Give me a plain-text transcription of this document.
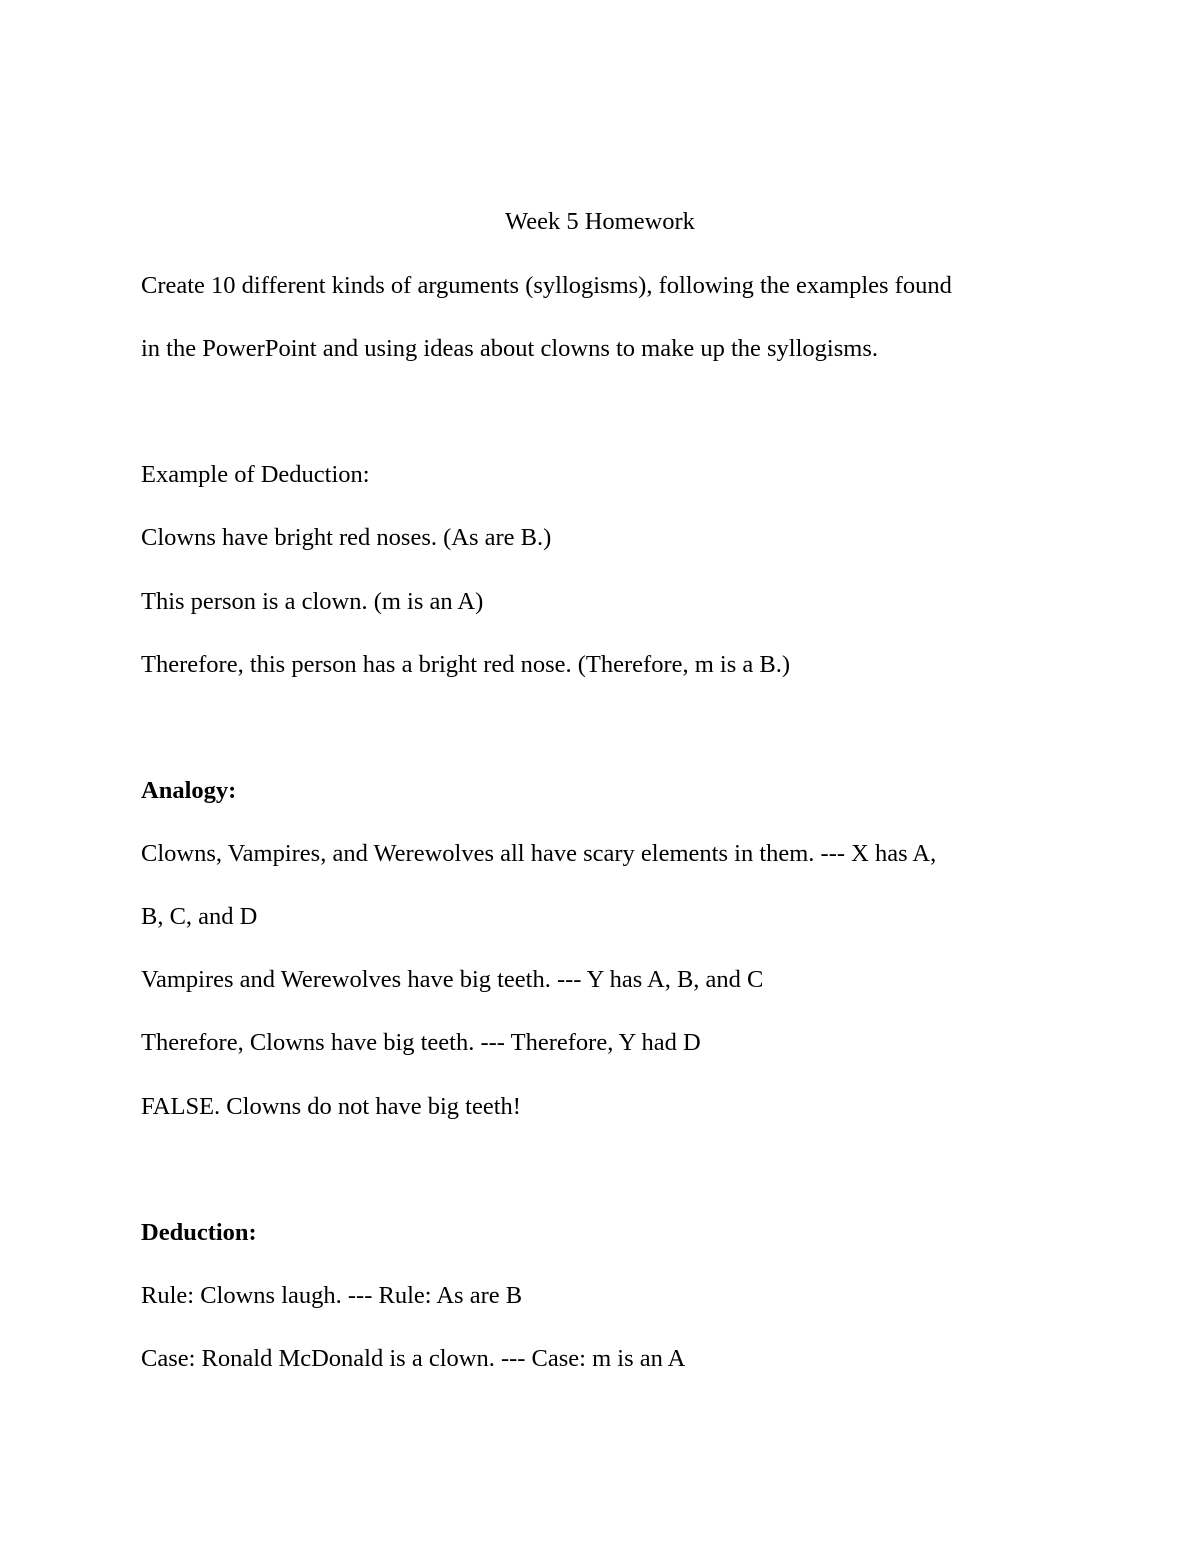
Week 5 Homework
Create 10 different kinds of arguments (syllogisms), following the examples found
in the PowerPoint and using ideas about clowns to make up the syllogisms.
Example of Deduction:
Clowns have bright red noses. (As are B.)
This person is a clown. (m is an A)
Therefore, this person has a bright red nose. (Therefore, m is a B.)
Analogy:
Clowns, Vampires, and Werewolves all have scary elements in them. --- X has A,
B, C, and D
Vampires and Werewolves have big teeth. --- Y has A, B, and C
Therefore, Clowns have big teeth. --- Therefore, Y had D
FALSE. Clowns do not have big teeth!
Deduction:
Rule: Clowns laugh. --- Rule: As are B
Case: Ronald McDonald is a clown. --- Case: m is an A
